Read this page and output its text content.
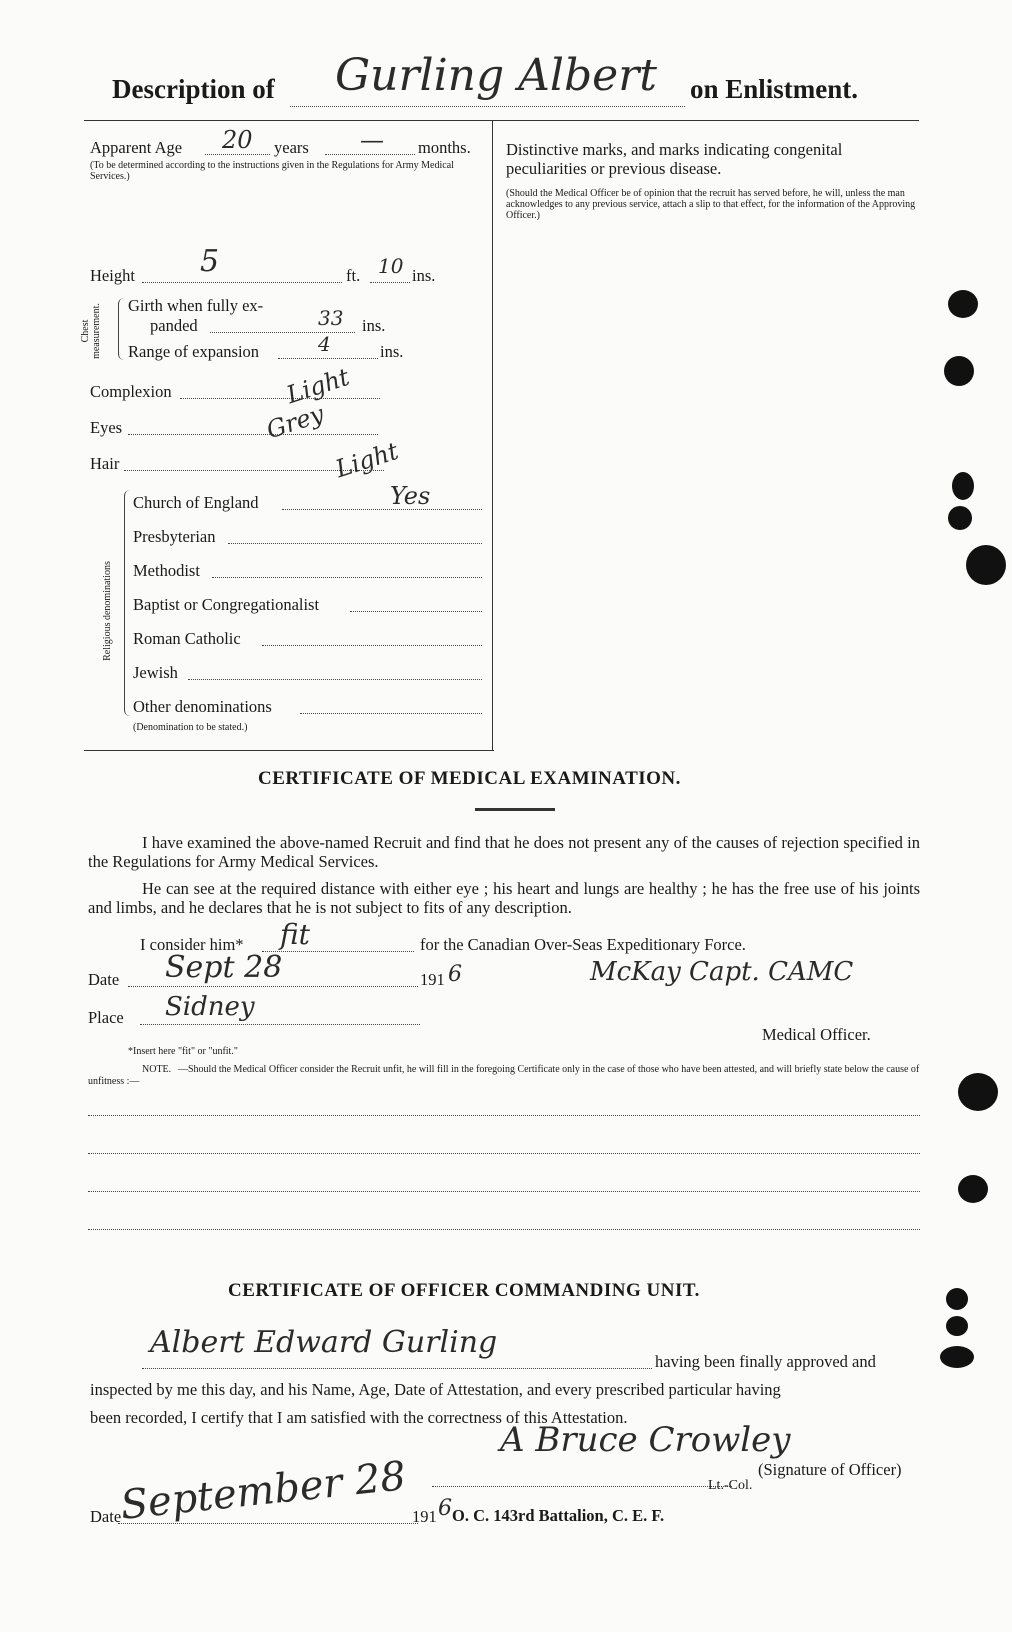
Description of Gurling Albert on Enlistment.
Apparent Age 20 years — months.
(To be determined according to the instructions given in the Regulations for Army Medical Services.)
Height 5	ft. 10 ins.
Chest measurement. Girth when fully ex-
panded	33 ins.
Range of expansion	4	ins.
Complexion	Light
Eyes	Grey
Hair	Light
Religious denominations
Church of England	Yes
Presbyterian
Methodist
Baptist or Congregationalist
Roman Catholic
Jewish
Other denominations
(Denomination to be stated.)
Distinctive marks, and marks indicating congenital
peculiarities or previous disease.
(Should the Medical Officer be of opinion that the recruit has served before, he will, unless the man acknowledges to any previous service, attach a slip to that effect, for the information of the Approving Officer.)
CERTIFICATE OF MEDICAL EXAMINATION.
I have examined the above-named Recruit and find that he does not present any of the causes of rejection specified in the Regulations for Army Medical Services.
He can see at the required distance with either eye ; his heart and lungs are healthy ; he has the free use of his joints and limbs, and he declares that he is not subject to fits of any description.
I consider him* fit	for the Canadian Over-Seas Expeditionary Force.
Date Sept 28	191 6	McKay Capt. CAMC
Place Sidney
Medical Officer.
*Insert here "fit" or "unfit."
NOTE. —Should the Medical Officer consider the Recruit unfit, he will fill in the foregoing Certificate only in the case of those who have been attested, and will briefly state below the cause of unfitness :—
CERTIFICATE OF OFFICER COMMANDING UNIT.
Albert Edward Gurling
having been finally approved and
inspected by me this day, and his Name, Age, Date of Attestation, and every prescribed particular having
been recorded, I certify that I am satisfied with the correctness of this Attestation.
A Bruce Crowley
Lt.-Col.
(Signature of Officer)
Date
September 28 191 6 O. C. 143rd Battalion, C. E. F.
